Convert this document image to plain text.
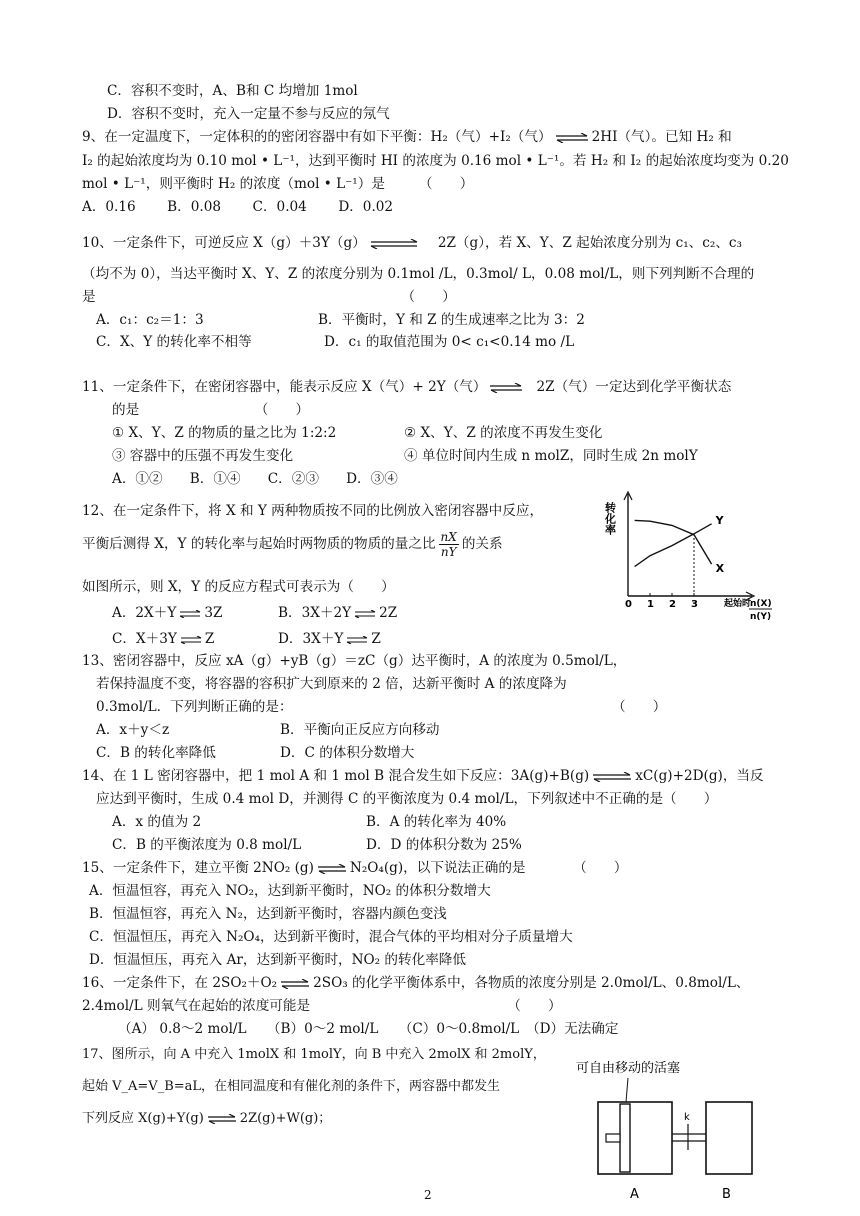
C．容积不变时，A、B和 C 均增加 1mol
D．容积不变时，充入一定量不参与反应的氖气
9、在一定温度下，一定体积的的密闭容器中有如下平衡：H₂（气）+I₂（气） ⇌ 2HI（气）。已知 H₂ 和
I₂ 的起始浓度均为 0.10 mol • L⁻¹，达到平衡时 HI 的浓度为 0.16 mol • L⁻¹。若 H₂ 和 I₂ 的起始浓度均变为 0.20
mol • L⁻¹，则平衡时 H₂ 的浓度（mol • L⁻¹）是　　　（　　）
A．0.16　　 B．0.08　　 C．0.04　　 D．0.02
10、一定条件下，可逆反应 X（g）＋3Y（g） ⇌ 2Z（g），若 X、Y、Z 起始浓度分别为 c₁、c₂、c₃
（均不为 0），当达平衡时 X、Y、Z 的浓度分别为 0.1mol /L，0.3mol/ L，0.08 mol/L，则下列判断不合理的
是　　　　　　　　　　　　　　　　　　　　　　　（　　）
A．c₁：c₂＝1：3	B．平衡时，Y 和 Z 的生成速率之比为 3：2
C．X、Y 的转化率不相等	D．c₁ 的取值范围为 0< c₁<0.14 mo /L
11、一定条件下，在密闭容器中，能表示反应 X（气）+ 2Y（气） ⇌ 2Z（气）一定达到化学平衡状态
的是　　　　　　　　　（　　）
① X、Y、Z 的物质的量之比为 1:2:2	② X、Y、Z 的浓度不再发生变化
③ 容器中的压强不再发生变化	④ 单位时间内生成 n molZ，同时生成 2n molY
A．①②　　B．①④　　C．②③　　D．③④
12、在一定条件下，将 X 和 Y 两种物质按不同的比例放入密闭容器中反应，
平衡后测得 X，Y 的转化率与起始时两物质的物质的量之比 $\frac{nX}{nY}$ 的关系
如图所示，则 X，Y 的反应方程式可表示为（　　）
A．2X＋Y ⇌ 3Z	B．3X＋2Y ⇌ 2Z
C．X＋3Y ⇌ Z	D．3X＋Y ⇌ Z
13、密闭容器中，反应 xA（g）+yB（g）＝zC（g）达平衡时，A 的浓度为 0.5mol/L，
若保持温度不变，将容器的容积扩大到原来的 2 倍，达新平衡时 A 的浓度降为
0.3mol/L．下列判断正确的是：	（　　）
A．x＋y＜z	B．平衡向正反应方向移动
C．B 的转化率降低	D．C 的体积分数增大
14、在 1 L 密闭容器中，把 1 mol A 和 1 mol B 混合发生如下反应：3A(g)+B(g) ⇌ xC(g)+2D(g)，当反
应达到平衡时，生成 0.4 mol D，并测得 C 的平衡浓度为 0.4 mol/L，下列叙述中不正确的是（　　）
A．x 的值为 2	B．A 的转化率为 40%
C．B 的平衡浓度为 0.8 mol/L	D．D 的体积分数为 25%
15、一定条件下，建立平衡 2NO₂ (g) ⇌ N₂O₄(g)，以下说法正确的是　　　　（　　）
A．恒温恒容，再充入 NO₂，达到新平衡时，NO₂ 的体积分数增大
B．恒温恒容，再充入 N₂，达到新平衡时，容器内颜色变浅
C．恒温恒压，再充入 N₂O₄，达到新平衡时，混合气体的平均相对分子质量增大
D．恒温恒压，再充入 Ar，达到新平衡时，NO₂ 的转化率降低
16、一定条件下，在 2SO₂＋O₂ ⇌ 2SO₃ 的化学平衡体系中，各物质的浓度分别是 2.0mol/L、0.8mol/L、
2.4mol/L 则氧气在起始的浓度可能是　　　　　　　　　　　　　　　（　　）
（A） 0.8～2 mol/L　　（B）0～2 mol/L　　（C）0～0.8mol/L　（D）无法确定
17、图所示，向 A 中充入 1molX 和 1molY，向 B 中充入 2molX 和 2molY，
起始 V_A=V_B=aL，在相同温度和有催化剂的条件下，两容器中都发生
下列反应 X(g)+Y(g) ⇌ 2Z(g)+W(g)；
转化率
0 1 2 3
Y
X
起始时
n(X)
n(Y)
可自由移动的活塞
k
A	B
2
